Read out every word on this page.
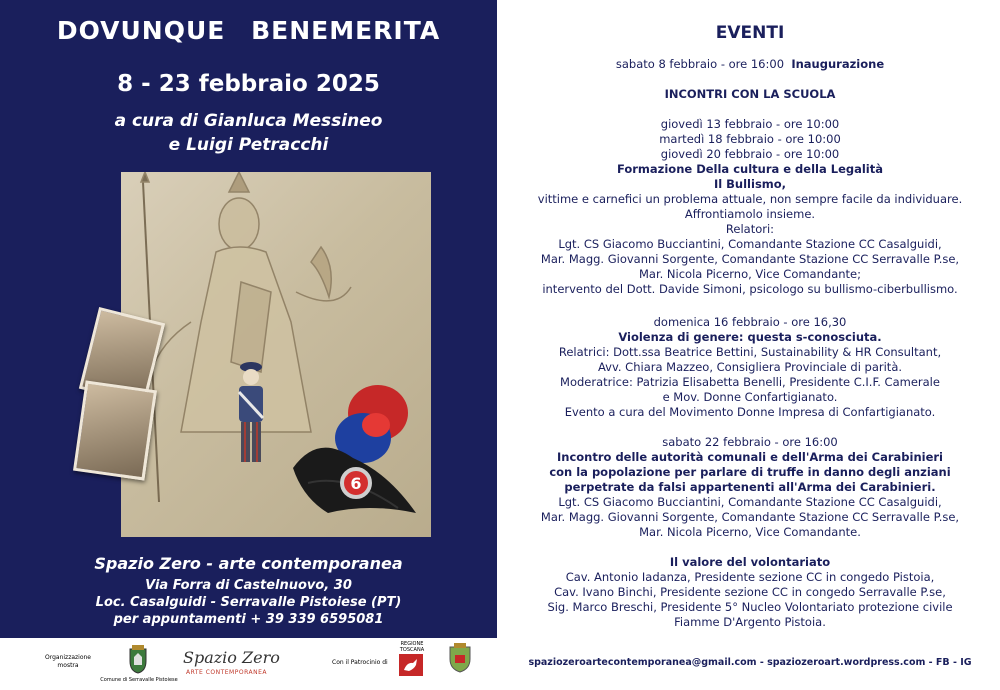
DOVUNQUE BENEMERITA
8 - 23 febbraio 2025
a cura di Gianluca Messineo
e Luigi Petracchi
6
Spazio Zero - arte contemporanea
Via Forra di Castelnuovo, 30
Loc. Casalguidi - Serravalle Pistoiese (PT)
per appuntamenti + 39 339 6595081
Organizzazione mostra
Comune di Serravalle Pistoiese
Spazio Zero
ARTE CONTEMPORANEA
Con il Patrocinio di
REGIONE TOSCANA
EVENTI
sabato 8 febbraio - ore 16:00 Inaugurazione
INCONTRI CON LA SCUOLA
giovedì 13 febbraio - ore 10:00
martedì 18 febbraio - ore 10:00
giovedì 20 febbraio - ore 10:00
Formazione Della cultura e della Legalità
Il Bullismo,
vittime e carnefici un problema attuale, non sempre facile da individuare.
Affrontiamolo insieme.
Relatori:
Lgt. CS Giacomo Bucciantini, Comandante Stazione CC Casalguidi,
Mar. Magg. Giovanni Sorgente, Comandante Stazione CC Serravalle P.se,
Mar. Nicola Picerno, Vice Comandante;
intervento del Dott. Davide Simoni, psicologo su bullismo-ciberbullismo.
domenica 16 febbraio - ore 16,30
Violenza di genere: questa s-conosciuta.
Relatrici: Dott.ssa Beatrice Bettini, Sustainability & HR Consultant,
Avv. Chiara Mazzeo, Consigliera Provinciale di parità.
Moderatrice: Patrizia Elisabetta Benelli, Presidente C.I.F. Camerale
e Mov. Donne Confartigianato.
Evento a cura del Movimento Donne Impresa di Confartigianato.
sabato 22 febbraio - ore 16:00
Incontro delle autorità comunali e dell'Arma dei Carabinieri
con la popolazione per parlare di truffe in danno degli anziani
perpetrate da falsi appartenenti all'Arma dei Carabinieri.
Lgt. CS Giacomo Bucciantini, Comandante Stazione CC Casalguidi,
Mar. Magg. Giovanni Sorgente, Comandante Stazione CC Serravalle P.se,
Mar. Nicola Picerno, Vice Comandante.
Il valore del volontariato
Cav. Antonio Iadanza, Presidente sezione CC in congedo Pistoia,
Cav. Ivano Binchi, Presidente sezione CC in congedo Serravalle P.se,
Sig. Marco Breschi, Presidente 5° Nucleo Volontariato protezione civile
Fiamme D'Argento Pistoia.
spaziozeroartecontemporanea@gmail.com - spaziozeroart.wordpress.com - FB - IG
